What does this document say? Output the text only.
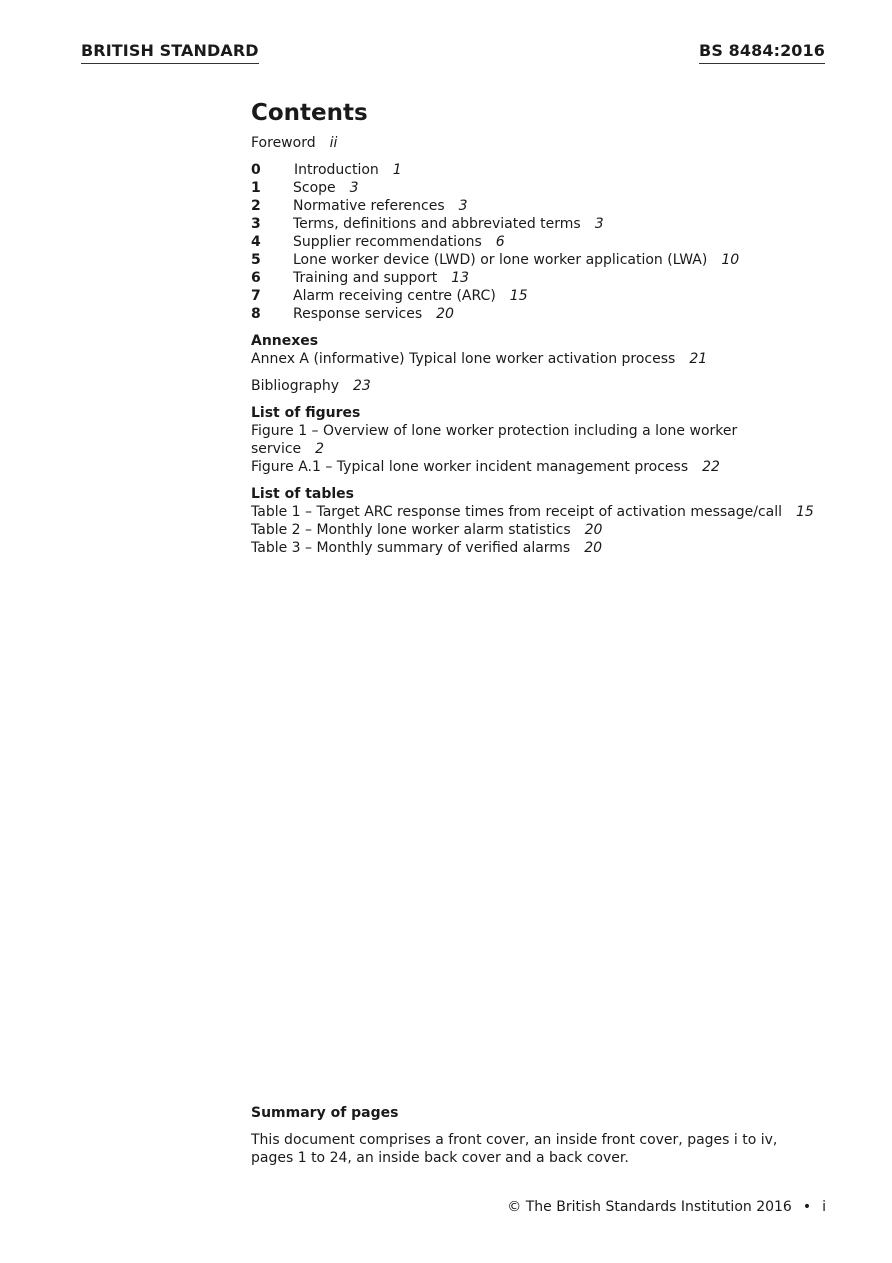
BRITISH STANDARD	BS 8484:2016
Contents
Foreword ii
0	Introduction 1
1	Scope 3
2	Normative references 3
3	Terms, definitions and abbreviated terms 3
4	Supplier recommendations 6
5	Lone worker device (LWD) or lone worker application (LWA) 10
6	Training and support 13
7	Alarm receiving centre (ARC) 15
8	Response services 20
Annexes
Annex A (informative) Typical lone worker activation process 21
Bibliography 23
List of figures
Figure 1 – Overview of lone worker protection including a lone worker
service 2
Figure A.1 – Typical lone worker incident management process 22
List of tables
Table 1 – Target ARC response times from receipt of activation message/call 15
Table 2 – Monthly lone worker alarm statistics 20
Table 3 – Monthly summary of verified alarms 20
Summary of pages
This document comprises a front cover, an inside front cover, pages i to iv,
pages 1 to 24, an inside back cover and a back cover.
© The British Standards Institution 2016 • i
